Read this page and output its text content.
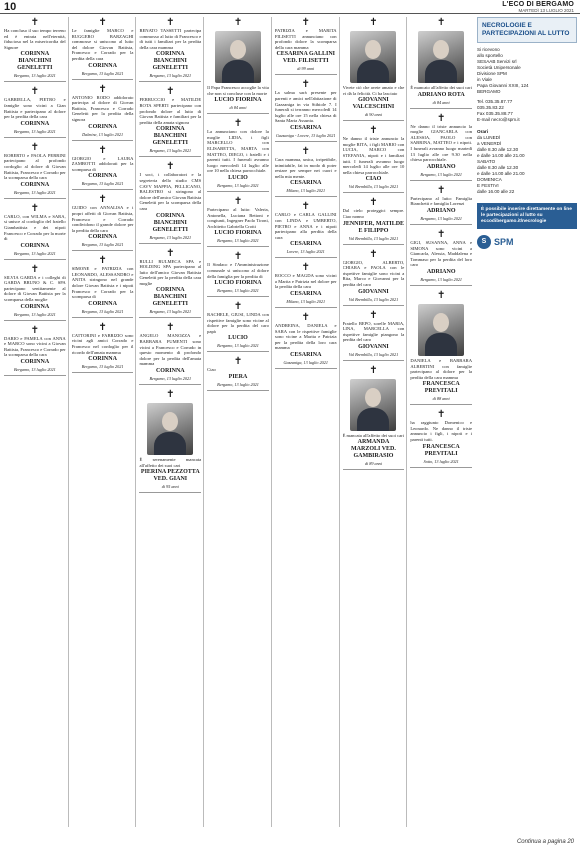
10	L'ECO DI BERGAMO
MARTEDÌ 13 LUGLIO 2021
✝
Ha concluso il suo tempo terreno ed è entrata nell'eternità, fiduciosa nel la misericordia del Signore
CORINNA BIANCHINI GENELETTI
Bergamo, 13 luglio 2021
✝
GABRIELLA, PIETRO e famiglie sono vicini a Gian Battista e partecipano al dolore per la perdita della cara
CORINNA
Bergamo, 13 luglio 2021
✝
ROBERTO e PAOLA PERRINI partecipano al profondo cordoglio al dolore di Giovan Battista, Francesco e Corrado per la scomparsa della cara
CORINNA
Bergamo, 13 luglio 2021
✝
CARLO, con WILMA e SARA, si unisce al cordoglio del fratello Giambattista e dei nipoti Francesco e Corrado per la morte di
CORINNA
Bergamo, 13 luglio 2021
✝
SILVIA GARDA e i colleghi di GARDA BRUNO & C. SPA partecipano sentitamente al dolore di Giovan Battista per la scomparsa della moglie
CORINNA
Bergamo, 13 luglio 2021
✝
DARIO e PAMELA con ANNA e MARCO sono vicini a Giovan Battista, Francesco e Corrado per la scomparsa della cara
CORINNA
Bergamo, 13 luglio 2021
✝
Le famiglie MARCO e RUGGERO BARZAGHI commosse si uniscono al lutto del dolore Giovan Battista, Francesco e Corrado per la perdita della cara
CORINNA
Bergamo, 13 luglio 2021
✝
ANTONIO RODO addolorato partecipa al dolore di Giovan Battista, Francesco e Corrado Geneletti per la perdita della signora
CORINNA
Dalmine, 13 luglio 2021
✝
GIORGIO e LAURA ZAMBOTTI addolorati per la scomparsa di
CORINNA
Bergamo, 13 luglio 2021
✝
GUIDO con ANNALISA e i propri affetti di Giovan Battista, Francesco e Corrado condividono il grande dolore per la perdita della cara
CORINNA
Bergamo, 13 luglio 2021
✝
SIMONE e PATRIZIA con LEONARDO, ALESSANDRO e ANITA stringono nel grande dolore Giovan Battista e i nipoti Francesco e Corrado per la scomparsa di
CORINNA
Bergamo, 13 luglio 2021
✝
CATTORINI e FABRIZIO sono vicini agli amici Corrado e Francesco nel cordoglio per il ricordo dell'amata mamma
CORINNA
Bergamo, 13 luglio 2021
✝
RENATO TASSETTI partecipa commosso al lutto di Francesco e di tutti i familiari per la perdita della cara mamma
CORINNA BIANCHINI GENELETTI
Bergamo, 13 luglio 2021
✝
FERRUCCIO e MATILDE ROTA SPERTI partecipano con profondo dolore al lutto di Giovan Battista e familiari per la perdita della amata signora
CORINNA BIANCHINI GENELETTI
Bergamo, 13 luglio 2021
✝
I soci, i collaboratori e la segreteria dello studio CMS CAVV MAPPIA, PELLICANO, BALESTRO si stringono al dolore dell'amico Giovan Battista Geneletti per la scomparsa della cara
CORINNA BIANCHINI GENELETTI
Bergamo, 13 luglio 2021
✝
RULLI RULMECA SPA e HOLDING SPA partecipano al lutto dell'amico Giovan Battista Geneletti per la perdita della cara moglie
CORINNA BIANCHINI GENELETTI
Bergamo, 13 luglio 2021
✝
ANGELO MANOZZA e BARBARA FUMENTI sono vicini a Francesco e Corrado in questo momento di profondo dolore per la perdita dell'amata mamma
CORINNA
Bergamo, 13 luglio 2021
✝
È serenamente mancata all'affetto dei suoi cari
PIERINA PEZZOTTA VED. GIANI
di 95 anni
✝
Il Papa Francesco accoglie la vita che non si concluse con la morte
LUCIO FIORINA
di 84 anni
✝
La annunciano con dolore la moglie LIDIA, i figli MARCELLO con ELISABETTA, MARTA con MATTEO, DIEGO, i fratelli e i parenti tutti. I funerali avranno luogo mercoledì 14 luglio alle ore 10 nella chiesa parrocchiale.
LUCIO
Bergamo, 13 luglio 2021
✝
Partecipano al lutto: Valeria, Antonella, Luciana Bettoni e congiunti, Ingegner Paolo Tironi, Architetto Gabriella Crotti
LUCIO FIORINA
Bergamo, 13 luglio 2021
✝
Il Sindaco e l'Amministrazione comunale si uniscono al dolore della famiglia per la perdita di
LUCIO FIORINA
Bergamo, 13 luglio 2021
✝
RACHELE, GIUSI, LINDA con rispettive famiglie sono vicine al dolore per la perdita del caro papà
LUCIO
Bergamo, 13 luglio 2021
✝
Ciao
PIERA
Bergamo, 13 luglio 2021
✝
PATRIZIA e MARITA FILISETTI annunciano con profondo dolore la scomparsa della cara mamma
CESARINA GALLINI VED. FILISETTI
di 99 anni
✝
La salma sarà presente per parenti e amici nell'abitazione di Gazzaniga in via Stibiole 7. I funerali si terranno mercoledì 14 luglio alle ore 15 nella chiesa di Santa Maria Assunta.
CESARINA
Gazzaniga - Lovere, 13 luglio 2021
✝
Cara mamma, unica, irripetibile, inimitabile, fai in modo di poter restare per sempre nei cuori e nella mia mente.
CESARINA
Milano, 13 luglio 2021
✝
CARLO e CARLA GALLINI con LINDA e UMBERTO, PIETRO e ANNA e i nipoti partecipano alla perdita della cara
CESARINA
Lovere, 13 luglio 2021
✝
ROCCO e MAGDA sono vicini a Marita e Patrizia nel dolore per la perdita della cara
CESARINA
Milano, 13 luglio 2021
✝
ANDREINA, DANIELA e SARA con le rispettive famiglie sono vicine a Marita e Patrizia per la perdita della loro cara mamma
CESARINA
Gazzaniga, 13 luglio 2021
✝
Vivete ciò che avete amato e che vi dà la felicità. Ci ha lasciato
GIOVANNI VALCESCHINI
di 90 anni
✝
Ne danno il triste annuncio la moglie RITA, i figli MARIO con LUCIA, MARCO con STEFANIA, nipoti e i familiari tutti. I funerali avranno luogo mercoledì 14 luglio alle ore 10 nella chiesa parrocchiale.
CIAO
Val Brembilla, 13 luglio 2021
✝
Dal cielo proteggici sempre. Ciao nonno
JENNIFER, MATILDE E FILIPPO
Val Brembilla, 13 luglio 2021
✝
GIORGIO, ALBERTO, CHIARA e PAOLA con le rispettive famiglie sono vicini a Rita, Marco e Giovanni per la perdita del caro
GIOVANNI
Val Brembilla, 13 luglio 2021
✝
Fratello BEPO, sorelle MARIA, LINA, MARCELLA con rispettive famiglie piangono la perdita del caro
GIOVANNI
Val Brembilla, 13 luglio 2021
✝
È mancata all'affetto dei suoi cari
ARMANDA MARZOLI VED. GAMBIRASIO
di 89 anni
✝
È mancato all'affetto dei suoi cari
ADRIANO ROTA
di 84 anni
✝
Ne danno il triste annuncio la moglie GIANCARLA con ALESSIA, PAOLO con SABRINA, MATTEO e i nipoti. I funerali avranno luogo martedì 13 luglio alle ore 9.30 nella chiesa parrocchiale.
ADRIANO
Bergamo, 13 luglio 2021
✝
Partecipano al lutto: Famiglia Bianchetti e famiglia Lorenzi
ADRIANO
Bergamo, 13 luglio 2021
✝
GIGI, SUSANNA, ANNA e SIMONA sono vicini a Giancarla, Alessia, Maddalena e Tommaso per la perdita del loro caro
ADRIANO
Bergamo, 13 luglio 2021
✝
DANIELA e BARBARA ALBERTINI con famiglie partecipano al dolore per la perdita della cara mamma
FRANCESCA PREVITALI
di 88 anni
✝
ha raggiunto Domenico e Leonardo. Ne danno il triste annuncio i figli, i nipoti e i parenti tutti.
FRANCESCA PREVITALI
Sotto, 13 luglio 2021
NECROLOGIE E PARTECIPAZIONI AL LUTTO
Si ricevono
allo sportello
SESAAB Servizi srl
Società Unipersonale
Divisione SPM
in Viale
Papa Giovanni XXIII, 124
BERGAMO
Tel. 035.35.87.77
035.35.83.22
Fax 035.35.88.77
E-mail necro@spm.it
Orari
da LUNEDÌ
a VENERDÌ
dalle 8.30 alle 12.30
e dalle 14.00 alle 21.00
SABATO
dalle 8.30 alle 12.30
e dalle 14.00 alle 21.00
DOMENICA
E FESTIVI
dalle 16.00 alle 22
È possibile inserire direttamente on line le partecipazioni al lutto su eccodibergamo.it/necrologie
S SPM
Continua a pagina 20
